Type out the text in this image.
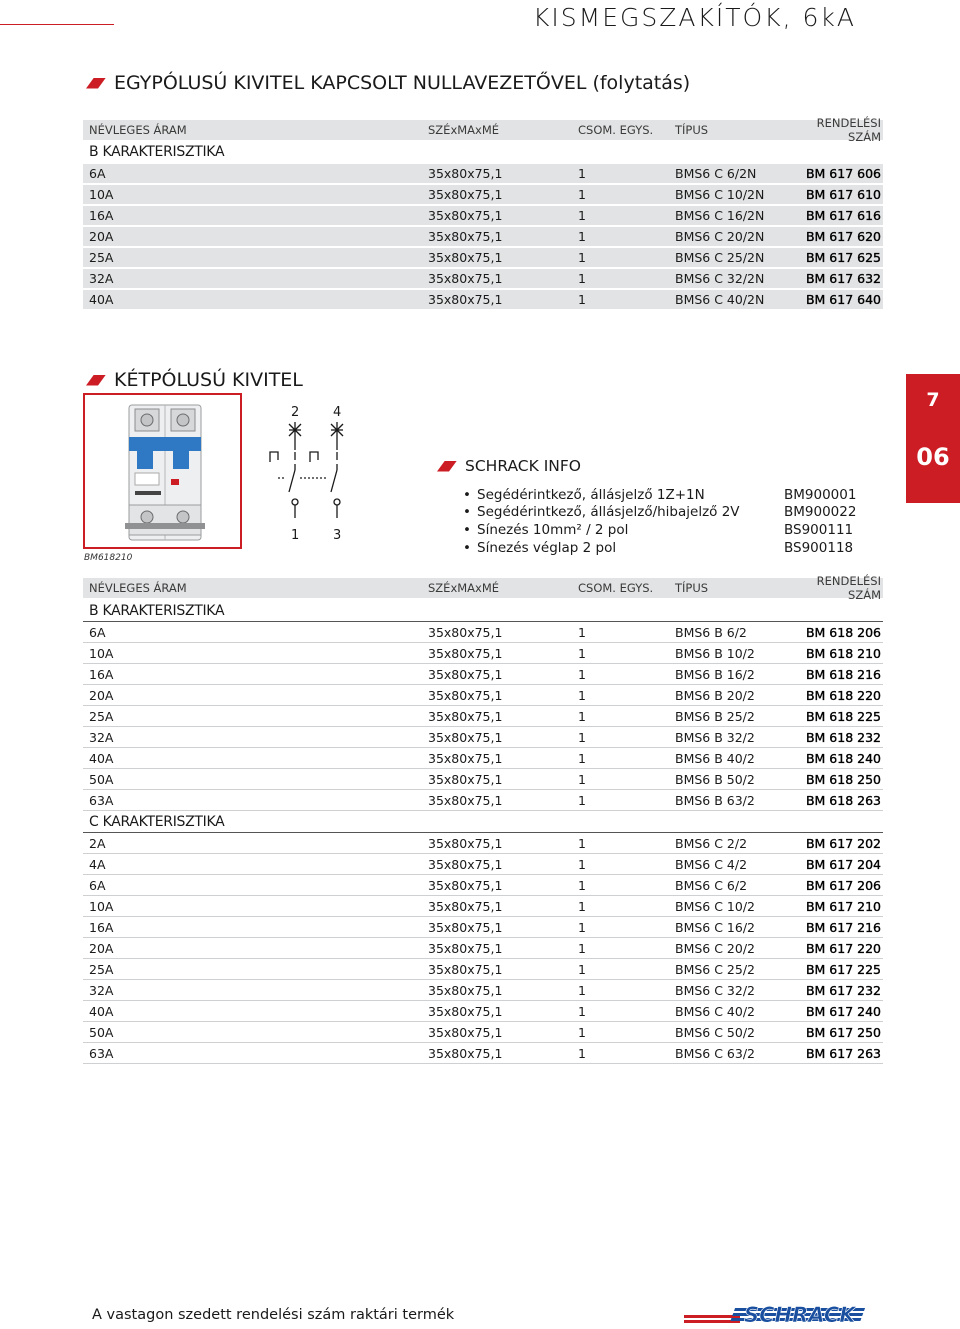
KISMEGSZAKÍTÓK, 6kA
EGYPÓLUSÚ KIVITEL KAPCSOLT NULLAVEZETŐVEL (folytatás)
NÉVLEGES ÁRAM	SZÉxMAxMÉ	CSOM. EGYS.	TÍPUS	RENDELÉSI SZÁM
B KARAKTERISZTIKA
6A	35x80x75,1	1	BMS6 C 6/2N	BM 617 606
10A	35x80x75,1	1	BMS6 C 10/2N	BM 617 610
16A	35x80x75,1	1	BMS6 C 16/2N	BM 617 616
20A	35x80x75,1	1	BMS6 C 20/2N	BM 617 620
25A	35x80x75,1	1	BMS6 C 25/2N	BM 617 625
32A	35x80x75,1	1	BMS6 C 32/2N	BM 617 632
40A	35x80x75,1	1	BMS6 C 40/2N	BM 617 640
KÉTPÓLUSÚ KIVITEL
BM618210
2	4
1	3
SCHRACK INFO
• Segédérintkező, állásjelző 1Z+1N	BM900001
• Segédérintkező, állásjelző/hibajelző 2V	BM900022
• Sínezés 10mm² / 2 pol	BS900111
• Sínezés véglap 2 pol	BS900118
NÉVLEGES ÁRAM	SZÉxMAxMÉ	CSOM. EGYS.	TÍPUS	RENDELÉSI SZÁM
B KARAKTERISZTIKA
6A	35x80x75,1	1	BMS6 B 6/2	BM 618 206
10A	35x80x75,1	1	BMS6 B 10/2	BM 618 210
16A	35x80x75,1	1	BMS6 B 16/2	BM 618 216
20A	35x80x75,1	1	BMS6 B 20/2	BM 618 220
25A	35x80x75,1	1	BMS6 B 25/2	BM 618 225
32A	35x80x75,1	1	BMS6 B 32/2	BM 618 232
40A	35x80x75,1	1	BMS6 B 40/2	BM 618 240
50A	35x80x75,1	1	BMS6 B 50/2	BM 618 250
63A	35x80x75,1	1	BMS6 B 63/2	BM 618 263
C KARAKTERISZTIKA
2A	35x80x75,1	1	BMS6 C 2/2	BM 617 202
4A	35x80x75,1	1	BMS6 C 4/2	BM 617 204
6A	35x80x75,1	1	BMS6 C 6/2	BM 617 206
10A	35x80x75,1	1	BMS6 C 10/2	BM 617 210
16A	35x80x75,1	1	BMS6 C 16/2	BM 617 216
20A	35x80x75,1	1	BMS6 C 20/2	BM 617 220
25A	35x80x75,1	1	BMS6 C 25/2	BM 617 225
32A	35x80x75,1	1	BMS6 C 32/2	BM 617 232
40A	35x80x75,1	1	BMS6 C 40/2	BM 617 240
50A	35x80x75,1	1	BMS6 C 50/2	BM 617 250
63A	35x80x75,1	1	BMS6 C 63/2	BM 617 263
7
06
A vastagon szedett rendelési szám raktári termék	SCHRACK
